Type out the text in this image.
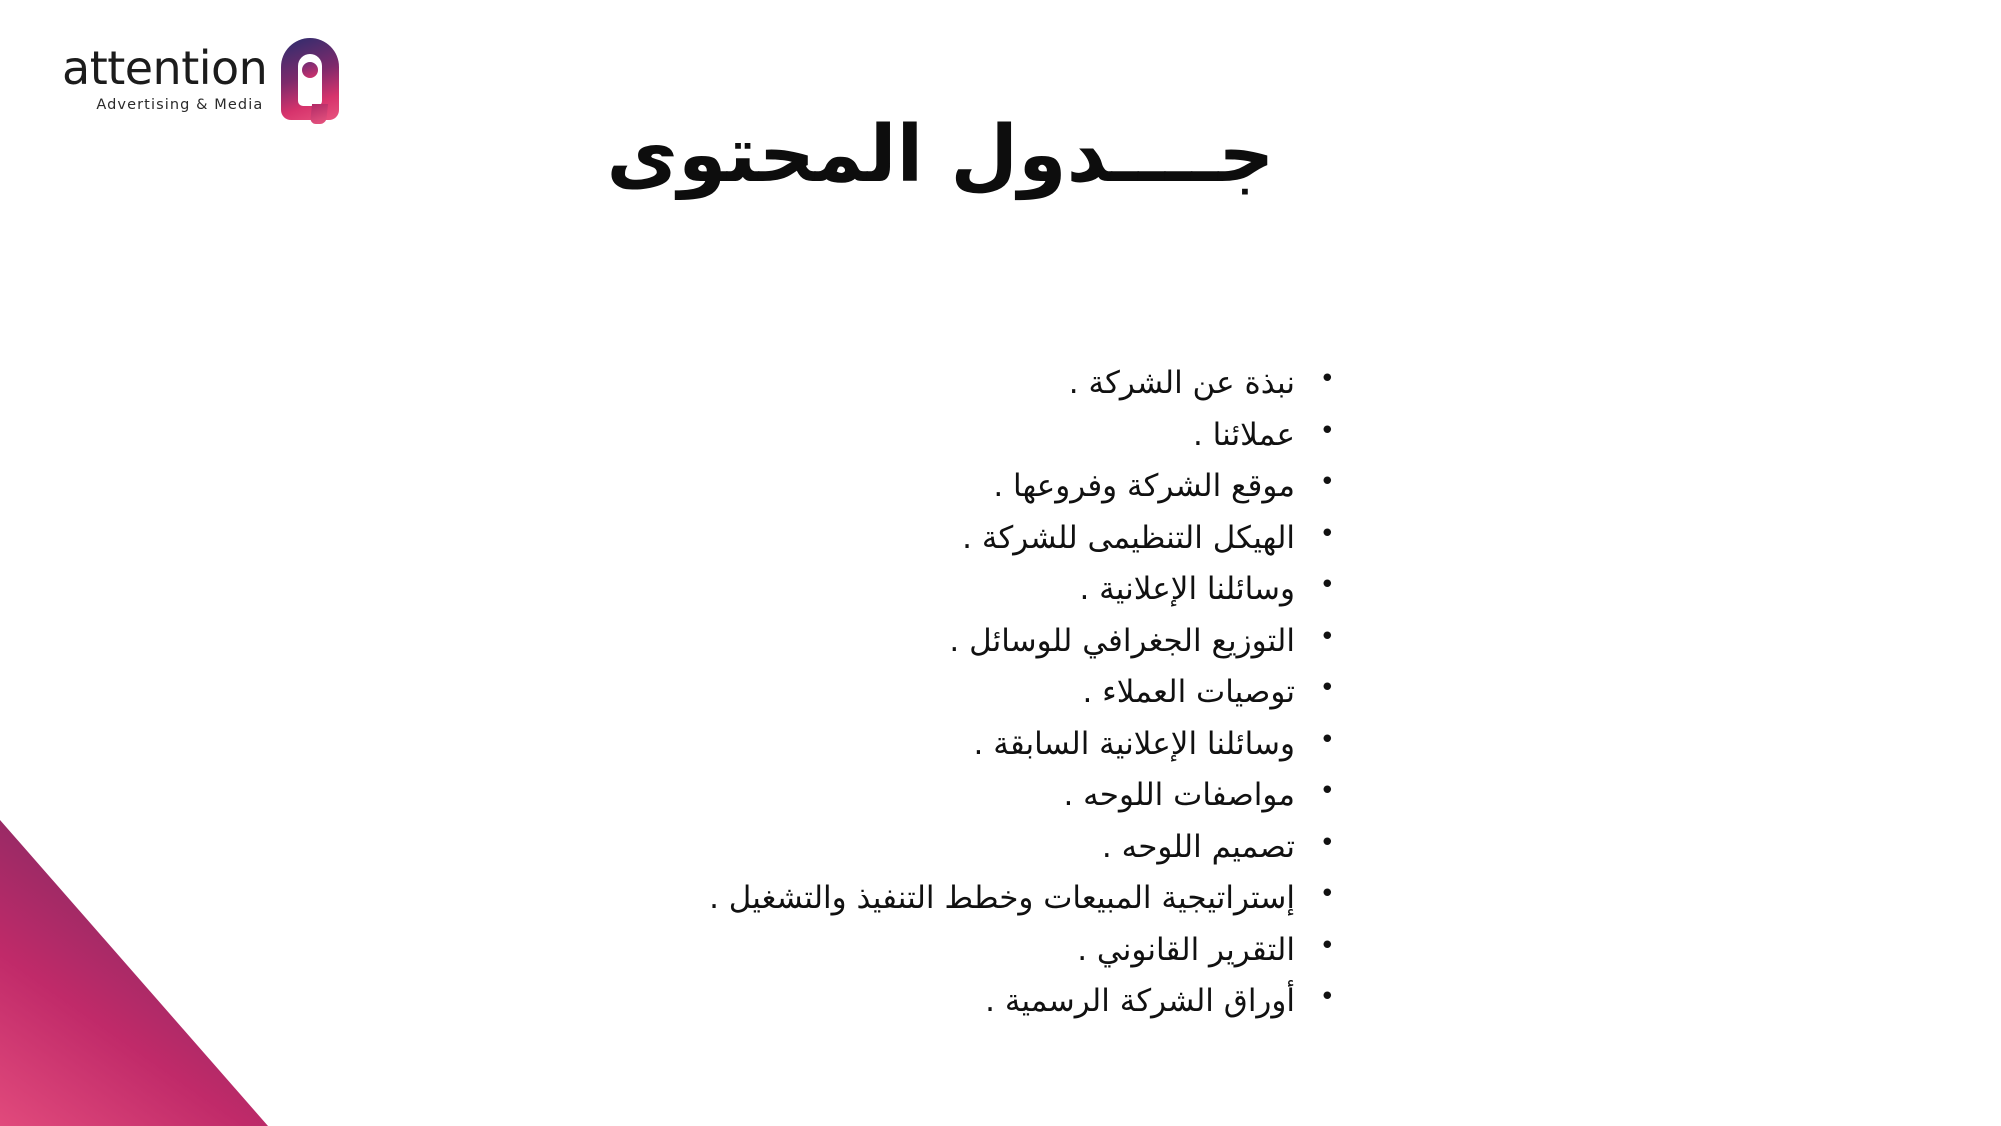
attention
Advertising & Media
جــــدول المحتوى
• نبذة عن الشركة .
• عملائنا .
• موقع الشركة وفروعها .
• الهيكل التنظيمى للشركة .
• وسائلنا الإعلانية .
• التوزيع الجغرافي للوسائل .
• توصيات العملاء .
• وسائلنا الإعلانية السابقة .
• مواصفات اللوحه .
• تصميم اللوحه .
• إستراتيجية المبيعات وخطط التنفيذ والتشغيل .
• التقرير القانوني .
• أوراق الشركة الرسمية .
